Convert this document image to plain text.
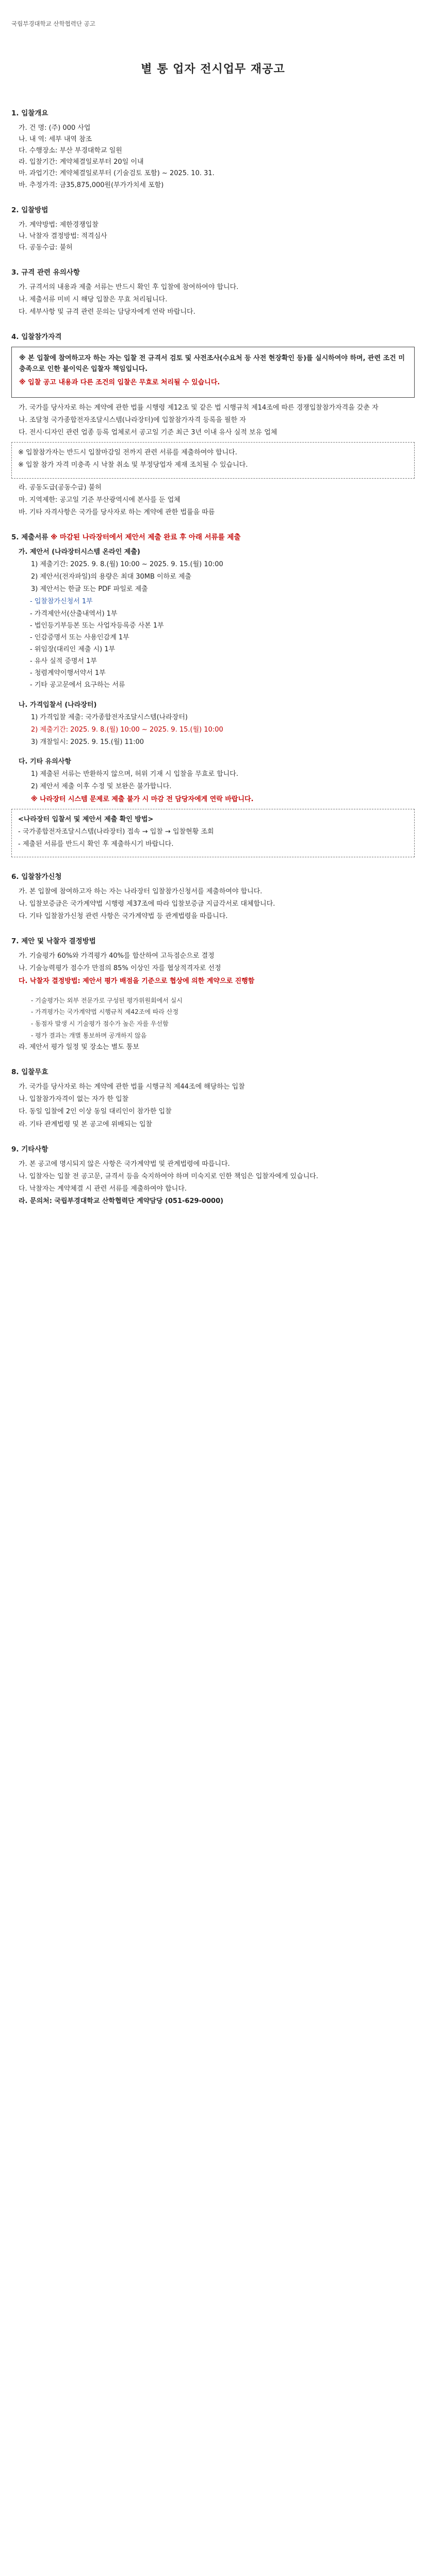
국립부경대학교 산학협력단 공고
별 통 업자 전시업무 재공고
1. 입찰개요
가. 건 명: (주) 000 사업
나. 내 역: 세부 내역 참조
다. 수행장소: 부산 부경대학교 일원
라. 입찰기간: 계약체결일로부터 20일 이내
마. 과업기간: 계약체결일로부터 (기술검토 포함) ~ 2025. 10. 31.
바. 추정가격: 금35,875,000원(부가가치세 포함)
2. 입찰방법
가. 계약방법: 제한경쟁입찰
나. 낙찰자 결정방법: 적격심사
다. 공동수급: 불허
3. 규격 관련 유의사항
가. 규격서의 내용과 제출 서류는 반드시 확인 후 입찰에 참여하여야 합니다.
나. 제출서류 미비 시 해당 입찰은 무효 처리됩니다.
다. 세부사항 및 규격 관련 문의는 담당자에게 연락 바랍니다.
4. 입찰참가자격

※ 본 입찰에 참여하고자 하는 자는 입찰 전 규격서 검토 및 사전조사(수요처 등 사전 현장확인 등)를 실시하여야 하며, 관련 조건 미충족으로 인한 불이익은 입찰자 책임입니다.

※ 입찰 공고 내용과 다른 조건의 입찰은 무효로 처리될 수 있습니다.

가. 국가를 당사자로 하는 계약에 관한 법률 시행령 제12조 및 같은 법 시행규칙 제14조에 따른 경쟁입찰참가자격을 갖춘 자
나. 조달청 국가종합전자조달시스템(나라장터)에 입찰참가자격 등록을 필한 자
다. 전시·디자인 관련 업종 등록 업체로서 공고일 기준 최근 3년 이내 유사 실적 보유 업체

※ 입찰참가자는 반드시 입찰마감일 전까지 관련 서류를 제출하여야 합니다.

※ 입찰 참가 자격 미충족 시 낙찰 취소 및 부정당업자 제재 조치될 수 있습니다.

라. 공동도급(공동수급) 불허
마. 지역제한: 공고일 기준 부산광역시에 본사를 둔 업체
바. 기타 자격사항은 국가를 당사자로 하는 계약에 관한 법률을 따름
5. 제출서류 ※ 마감된 나라장터에서 제안서 제출 완료 후 아래 서류를 제출
가. 제안서 (나라장터시스템 온라인 제출)
1) 제출기간: 2025. 9. 8.(월) 10:00 ~ 2025. 9. 15.(월) 10:00
2) 제안서(전자파일)의 용량은 최대 30MB 이하로 제출
3) 제안서는 한글 또는 PDF 파일로 제출
- 입찰참가신청서 1부
- 가격제안서(산출내역서) 1부
- 법인등기부등본 또는 사업자등록증 사본 1부
- 인감증명서 또는 사용인감계 1부
- 위임장(대리인 제출 시) 1부
- 유사 실적 증명서 1부
- 청렴계약이행서약서 1부
- 기타 공고문에서 요구하는 서류
나. 가격입찰서 (나라장터)
1) 가격입찰 제출: 국가종합전자조달시스템(나라장터)
2) 제출기간: 2025. 9. 8.(월) 10:00 ~ 2025. 9. 15.(월) 10:00
3) 개찰일시: 2025. 9. 15.(월) 11:00
다. 기타 유의사항
1) 제출된 서류는 반환하지 않으며, 허위 기재 시 입찰을 무효로 합니다.
2) 제안서 제출 이후 수정 및 보완은 불가합니다.
※ 나라장터 시스템 문제로 제출 불가 시 마감 전 담당자에게 연락 바랍니다.

<나라장터 입찰서 및 제안서 제출 확인 방법>

- 국가종합전자조달시스템(나라장터) 접속 → 입찰 → 입찰현황 조회

- 제출된 서류를 반드시 확인 후 제출하시기 바랍니다.

6. 입찰참가신청
가. 본 입찰에 참여하고자 하는 자는 나라장터 입찰참가신청서를 제출하여야 합니다.
나. 입찰보증금은 국가계약법 시행령 제37조에 따라 입찰보증금 지급각서로 대체합니다.
다. 기타 입찰참가신청 관련 사항은 국가계약법 등 관계법령을 따릅니다.
7. 제안 및 낙찰자 결정방법
가. 기술평가 60%와 가격평가 40%를 합산하여 고득점순으로 결정
나. 기술능력평가 점수가 만점의 85% 이상인 자를 협상적격자로 선정
다. 낙찰자 결정방법: 제안서 평가 배점을 기준으로 협상에 의한 계약으로 진행함
- 기술평가는 외부 전문가로 구성된 평가위원회에서 실시
- 가격평가는 국가계약법 시행규칙 제42조에 따라 산정
- 동점자 발생 시 기술평가 점수가 높은 자를 우선함
- 평가 결과는 개별 통보하며 공개하지 않음
라. 제안서 평가 일정 및 장소는 별도 통보
8. 입찰무효
가. 국가를 당사자로 하는 계약에 관한 법률 시행규칙 제44조에 해당하는 입찰
나. 입찰참가자격이 없는 자가 한 입찰
다. 동일 입찰에 2인 이상 동일 대리인이 참가한 입찰
라. 기타 관계법령 및 본 공고에 위배되는 입찰
9. 기타사항
가. 본 공고에 명시되지 않은 사항은 국가계약법 및 관계법령에 따릅니다.
나. 입찰자는 입찰 전 공고문, 규격서 등을 숙지하여야 하며 미숙지로 인한 책임은 입찰자에게 있습니다.
다. 낙찰자는 계약체결 시 관련 서류를 제출하여야 합니다.
라. 문의처: 국립부경대학교 산학협력단 계약담당 (051-629-0000)
